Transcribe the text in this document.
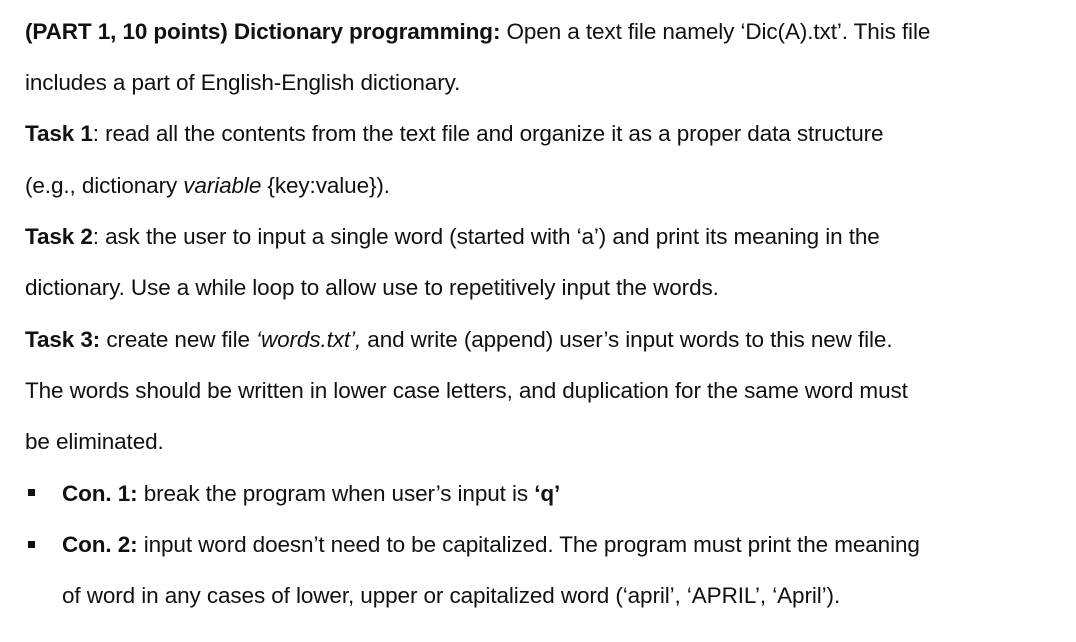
(PART 1, 10 points) Dictionary programming: Open a text file namely ‘Dic(A).txt’. This file
includes a part of English-English dictionary.
Task 1: read all the contents from the text file and organize it as a proper data structure
(e.g., dictionary variable {key:value}).
Task 2: ask the user to input a single word (started with ‘a’) and print its meaning in the
dictionary. Use a while loop to allow use to repetitively input the words.
Task 3: create new file ‘words.txt’, and write (append) user’s input words to this new file.
The words should be written in lower case letters, and duplication for the same word must
be eliminated.
Con. 1: break the program when user’s input is ‘q’
Con. 2: input word doesn’t need to be capitalized. The program must print the meaning
of word in any cases of lower, upper or capitalized word (‘april’, ‘APRIL’, ‘April’).
